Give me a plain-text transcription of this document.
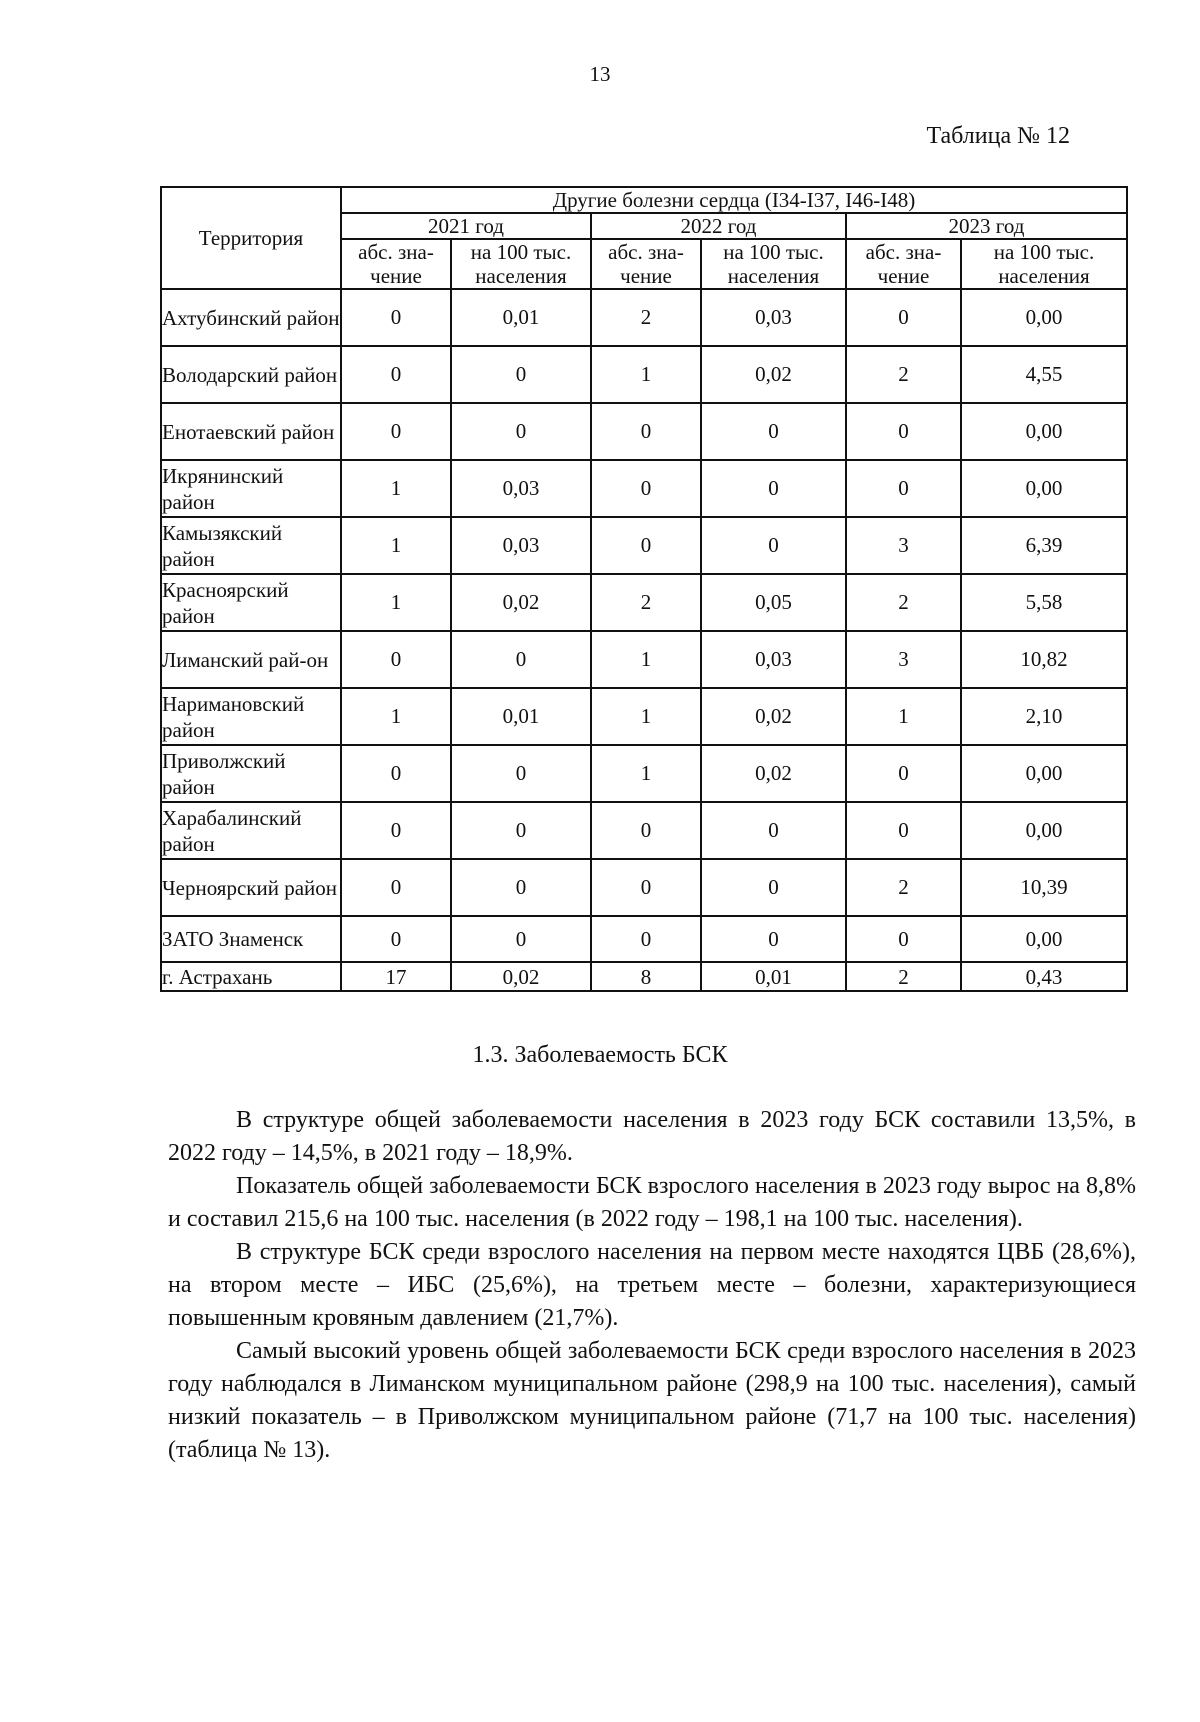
13
Таблица № 12
Территория	Другие болезни сердца (I34-I37, I46-I48)					
	2021 год		2022 год		2023 год	
	абс. зна-чение	на 100 тыс. населения	абс. зна-чение	на 100 тыс. населения	абс. зна-чение	на 100 тыс. населения
Ахтубинский район	0	0,01	2	0,03	0	0,00
Володарский район	0	0	1	0,02	2	4,55
Енотаевский район	0	0	0	0	0	0,00
Икрянинский район	1	0,03	0	0	0	0,00
Камызякский район	1	0,03	0	0	3	6,39
Красноярский район	1	0,02	2	0,05	2	5,58
Лиманский рай-он	0	0	1	0,03	3	10,82
Наримановский район	1	0,01	1	0,02	1	2,10
Приволжский район	0	0	1	0,02	0	0,00
Харабалинский район	0	0	0	0	0	0,00
Черноярский район	0	0	0	0	2	10,39
ЗАТО Знаменск	0	0	0	0	0	0,00
г. Астрахань	17	0,02	8	0,01	2	0,43
1.3. Заболеваемость БСК

В структуре общей заболеваемости населения в 2023 году БСК составили 13,5%, в 2022 году – 14,5%, в 2021 году – 18,9%.

Показатель общей заболеваемости БСК взрослого населения в 2023 году вырос на 8,8% и составил 215,6 на 100 тыс. населения (в 2022 году – 198,1 на 100 тыс. населения).

В структуре БСК среди взрослого населения на первом месте находятся ЦВБ (28,6%), на втором месте – ИБС (25,6%), на третьем месте – болезни, характеризующиеся повышенным кровяным давлением (21,7%).

Самый высокий уровень общей заболеваемости БСК среди взрослого населения в 2023 году наблюдался в Лиманском муниципальном районе (298,9 на 100 тыс. населения), самый низкий показатель – в Приволжском муниципальном районе (71,7 на 100 тыс. населения) (таблица № 13).
